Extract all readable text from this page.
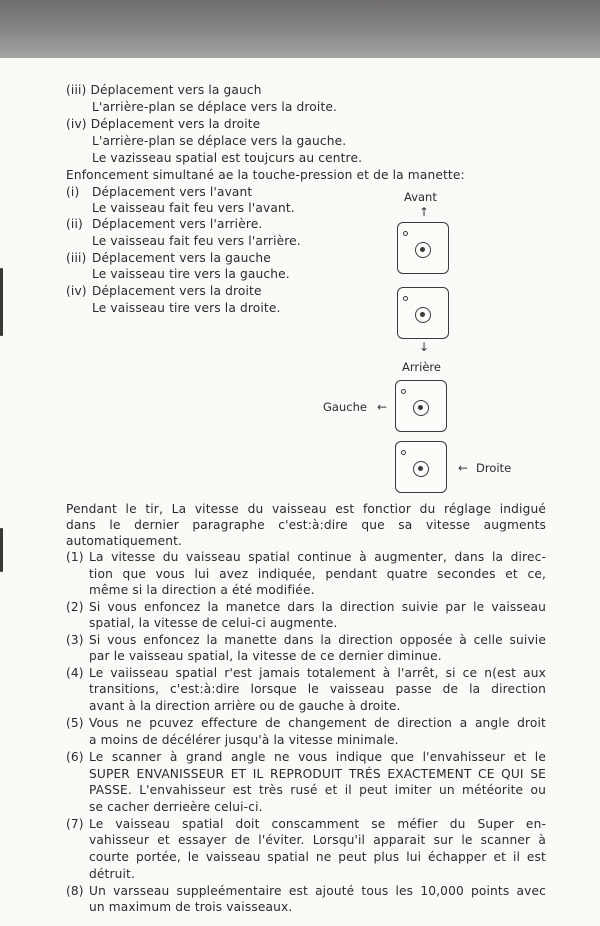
(iii) Déplacement vers la gauch
L'arrière-plan se déplace vers la droite.
(iv) Déplacement vers la droite
L'arrière-plan se déplace vers la gauche.
Le vazisseau spatial est toujcurs au centre.
Enfoncement simultané ae la touche-pression et de la manette:
(i) Déplacement vers l'avant
Le vaisseau fait feu vers l'avant.
(ii) Déplacement vers l'arrière.
Le vaisseau fait feu vers l'arrière.
(iii) Déplacement vers la gauche
Le vaisseau tire vers la gauche.
(iv) Déplacement vers la droite
Le vaisseau tire vers la droite.
Avant
↑
↓
Arrière
Gauche ←
← Droite
Pendant le tir, La vitesse du vaisseau est fonctior du réglage indigué
dans le dernier paragraphe c'est:à:dire que sa vitesse augments
automatiquement.
(1) La vitesse du vaisseau spatial continue à augmenter, dans la direc-
tion que vous lui avez indiquée, pendant quatre secondes et ce,
même si la direction a été modifiée.
(2) Si vous enfoncez la manetce dars la direction suivie par le vaisseau
spatial, la vitesse de celui-ci augmente.
(3) Si vous enfoncez la manette dans la direction opposée à celle suivie
par le vaisseau spatial, la vitesse de ce dernier diminue.
(4) Le vaiisseau spatial r'est jamais totalement à l'arrêt, si ce n(est aux
transitions, c'est:à:dire lorsque le vaisseau passe de la direction
avant à la direction arrière ou de gauche à droite.
(5) Vous ne pcuvez effecture de changement de direction a angle droit
a moins de décélérer jusqu'à la vitesse minimale.
(6) Le scanner à grand angle ne vous indique que l'envahisseur et le
SUPER ENVANISSEUR ET IL REPRODUIT TRÉS EXACTEMENT CE QUI SE
PASSE. L'envahisseur est très rusé et il peut imiter un météorite ou
se cacher derrieère celui-ci.
(7) Le vaisseau spatial doit conscamment se méfier du Super en-
vahisseur et essayer de l'éviter. Lorsqu'il apparait sur le scanner à
courte portée, le vaisseau spatial ne peut plus lui échapper et il est
détruit.
(8) Un varsseau suppleémentaire est ajouté tous les 10,000 points avec
un maximum de trois vaisseaux.
